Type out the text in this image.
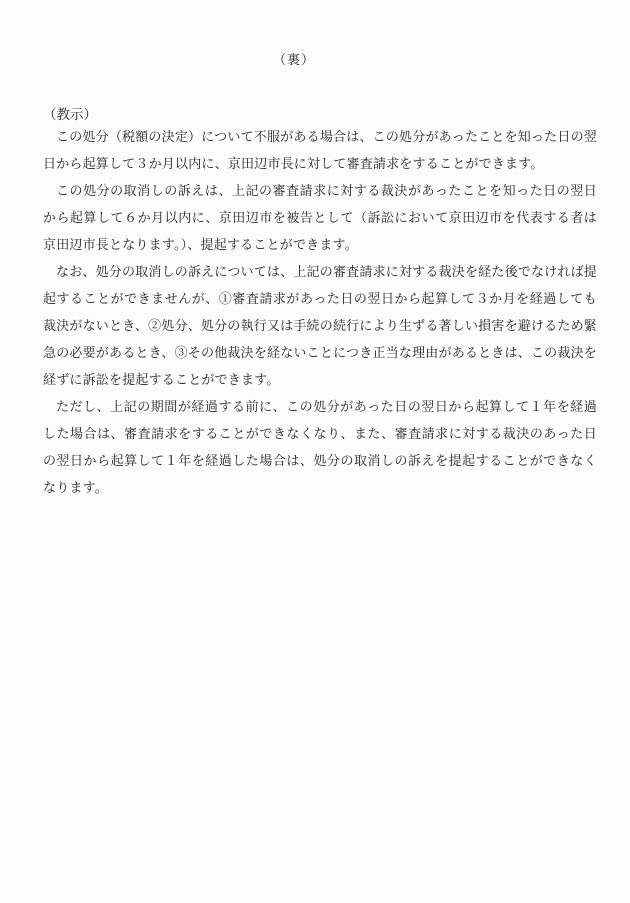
（裏）
（教示）

この処分（税額の決定）について不服がある場合は、この処分があったことを知った日の翌日から起算して３か月以内に、京田辺市長に対して審査請求をすることができます。

この処分の取消しの訴えは、上記の審査請求に対する裁決があったことを知った日の翌日から起算して６か月以内に、京田辺市を被告として（訴訟において京田辺市を代表する者は京田辺市長となります。）、提起することができます。

なお、処分の取消しの訴えについては、上記の審査請求に対する裁決を経た後でなければ提起することができませんが、①審査請求があった日の翌日から起算して３か月を経過しても裁決がないとき、②処分、処分の執行又は手続の続行により生ずる著しい損害を避けるため緊急の必要があるとき、③その他裁決を経ないことにつき正当な理由があるときは、この裁決を経ずに訴訟を提起することができます。

ただし、上記の期間が経過する前に、この処分があった日の翌日から起算して１年を経過した場合は、審査請求をすることができなくなり、また、審査請求に対する裁決のあった日の翌日から起算して１年を経過した場合は、処分の取消しの訴えを提起することができなくなります。
